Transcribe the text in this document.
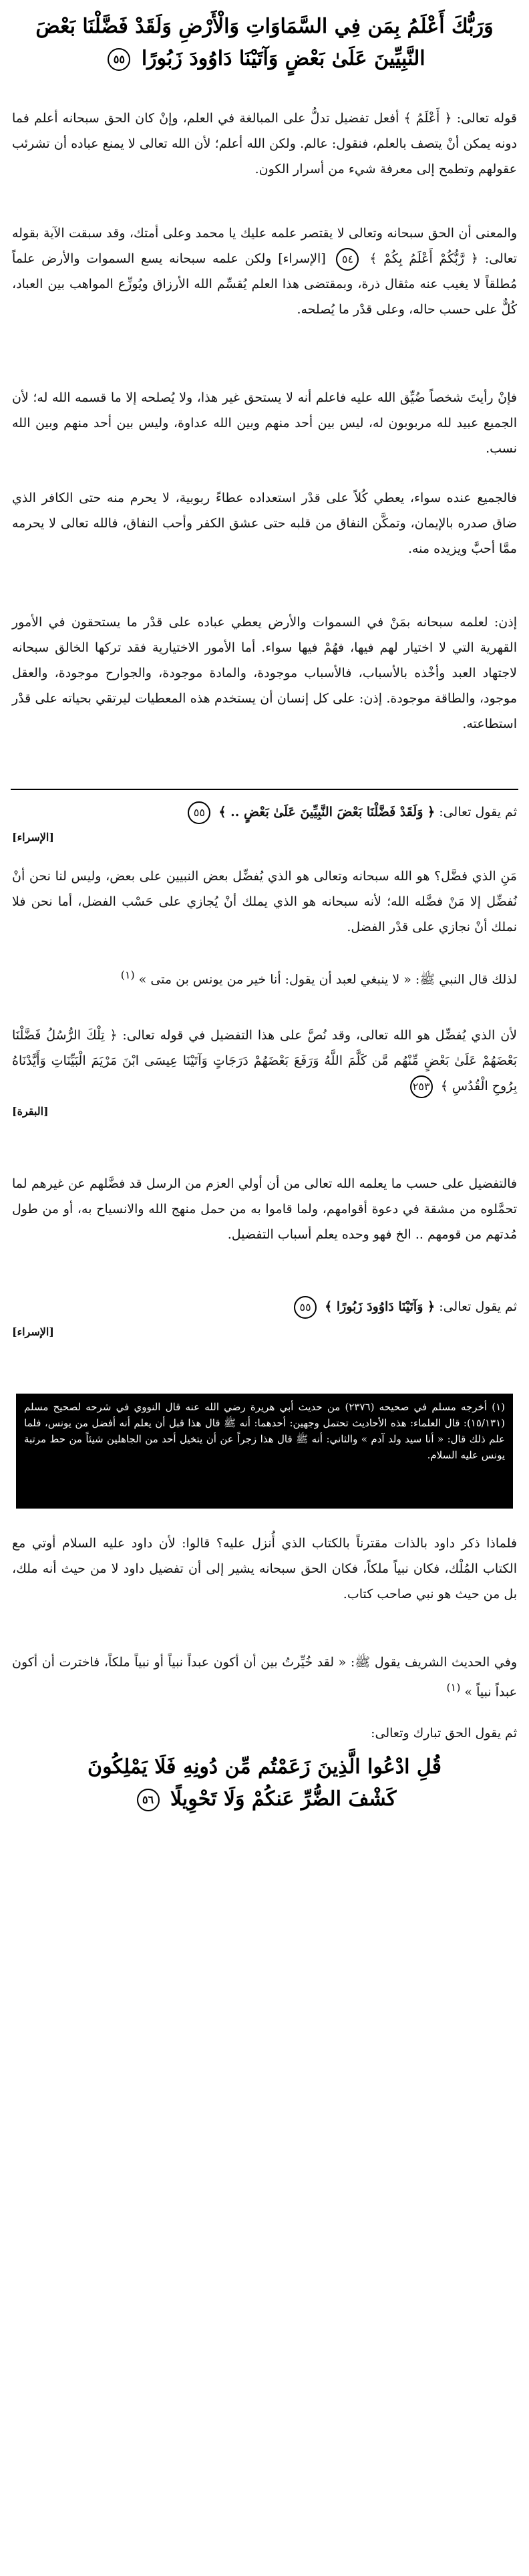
وَرَبُّكَ أَعْلَمُ بِمَن فِي السَّمَاوَاتِ وَالْأَرْضِ وَلَقَدْ فَضَّلْنَا بَعْضَ
النَّبِيِّينَ عَلَىٰ بَعْضٍ وَآتَيْنَا دَاوُودَ زَبُورًا ٥٥
قوله تعالى: ﴿ أَعْلَمُ ﴾ أفعل تفضيل تدلُّ على المبالغة في العلم، وإنْ كان الحق سبحانه أعلم فما دونه يمكن أنْ يتصف بالعلم، فنقول: عالم. ولكن الله أعلم؛ لأن الله تعالى لا يمنع عباده أن تشرئب عقولهم وتطمح إلى معرفة شيء من أسرار الكون.
والمعنى أن الحق سبحانه وتعالى لا يقتصر علمه عليك يا محمد وعلى أمتك، وقد سبقت الآية بقوله تعالى: ﴿ رَّبُّكُمْ أَعْلَمُ بِكُمْ ﴾ ٥٤ [الإسراء] ولكن علمه سبحانه يسع السموات والأرض علماً مُطلقاً لا يغيب عنه مثقال ذرة، وبمقتضى هذا العلم يُقسِّم الله الأرزاق ويُوزِّع المواهب بين العباد، كُلٌّ على حسب حاله، وعلى قدْر ما يُصلحه.
فإنْ رأيتَ شخصاً ضُيِّق الله عليه فاعلم أنه لا يستحق غير هذا، ولا يُصلحه إلا ما قسمه الله له؛ لأن الجميع عبيد لله مربوبون له، ليس بين أحد منهم وبين الله عداوة، وليس بين أحد منهم وبين الله نسب.
فالجميع عنده سواء، يعطي كُلاً على قدْر استعداده عطاءً ربوبية، لا يحرم منه حتى الكافر الذي ضاق صدره بالإيمان، وتمكَّن النفاق من قلبه حتى عشق الكفر وأحب النفاق، فالله تعالى لا يحرمه ممَّا أحبَّ ويزيده منه.
إذن: لعلمه سبحانه بمَنْ في السموات والأرض يعطي عباده على قدْر ما يستحقون في الأمور القهرية التي لا اختيار لهم فيها، فهُمْ فيها سواء. أما الأمور الاختيارية فقد تركها الخالق سبحانه لاجتهاد العبد وأخْذه بالأسباب، فالأسباب موجودة، والمادة موجودة، والجوارح موجودة، والعقل موجود، والطاقة موجودة. إذن: على كل إنسان أن يستخدم هذه المعطيات ليرتقي بحياته على قدْر استطاعته.
ثم يقول تعالى: ﴿ وَلَقَدْ فَضَّلْنَا بَعْضَ النَّبِيِّينَ عَلَىٰ بَعْضٍ .. ﴾ ٥٥
[الإسراء]
مَنِ الذي فضَّل؟ هو الله سبحانه وتعالى هو الذي يُفضِّل بعض النبيين على بعض، وليس لنا نحن أنْ نُفضِّل إلا مَنْ فضَّله الله؛ لأنه سبحانه هو الذي يملك أنْ يُجازي على حَسْب الفضل، أما نحن فلا نملك أنْ نجازي على قدْر الفضل.
لذلك قال النبي ﷺ: « لا ينبغي لعبد أن يقول: أنا خير من يونس بن متى » $^{(١)}$
لأن الذي يُفضِّل هو الله تعالى، وقد نُصَّ على هذا التفضيل في قوله تعالى: ﴿ تِلْكَ الرُّسُلُ فَضَّلْنَا بَعْضَهُمْ عَلَىٰ بَعْضٍ مِّنْهُم مَّن كَلَّمَ اللَّهُ وَرَفَعَ بَعْضَهُمْ دَرَجَاتٍ وَآتَيْنَا عِيسَى ابْنَ مَرْيَمَ الْبَيِّنَاتِ وَأَيَّدْنَاهُ بِرُوحِ الْقُدُسِ ﴾ ٢٥٣
[البقرة]
فالتفضيل على حسب ما يعلمه الله تعالى من أن أولي العزم من الرسل قد فضَّلهم عن غيرهم لما تحمَّلوه من مشقة في دعوة أقوامهم، ولما قاموا به من حمل منهج الله والانسياح به، أو من طول مُدتهم من قومهم .. الخ فهو وحده يعلم أسباب التفضيل.
ثم يقول تعالى: ﴿ وَآتَيْنَا دَاوُودَ زَبُورًا ﴾ ٥٥
[الإسراء]
(١) أخرجه مسلم في صحيحه (٢٣٧٦) من حديث أبي هريرة رضي الله عنه قال النووي في شرحه لصحيح مسلم (١٥/١٣١): قال العلماء: هذه الأحاديث تحتمل وجهين: أحدهما: أنه ﷺ قال هذا قبل أن يعلم أنه أفضل من يونس، فلما علم ذلك قال: « أنا سيد ولد آدم » والثاني: أنه ﷺ قال هذا زجراً عن أن يتخيل أحد من الجاهلين شيئاً من حط مرتبة يونس عليه السلام.
فلماذا ذكر داود بالذات مقترناً بالكتاب الذي أُنزل عليه؟ قالوا: لأن داود عليه السلام أوتي مع الكتاب المُلْك، فكان نبياً ملكاً، فكان الحق سبحانه يشير إلى أن تفضيل داود لا من حيث أنه ملك، بل من حيث هو نبي صاحب كتاب.
وفي الحديث الشريف يقول ﷺ: « لقد خُيِّرتُ بين أن أكون عبداً نبياً أو نبياً ملكاً، فاخترت أن أكون عبداً نبياً » $^{(١)}$
ثم يقول الحق تبارك وتعالى:
قُلِ ادْعُوا الَّذِينَ زَعَمْتُم مِّن دُونِهِ فَلَا يَمْلِكُونَ
كَشْفَ الضُّرِّ عَنكُمْ وَلَا تَحْوِيلًا ٥٦
